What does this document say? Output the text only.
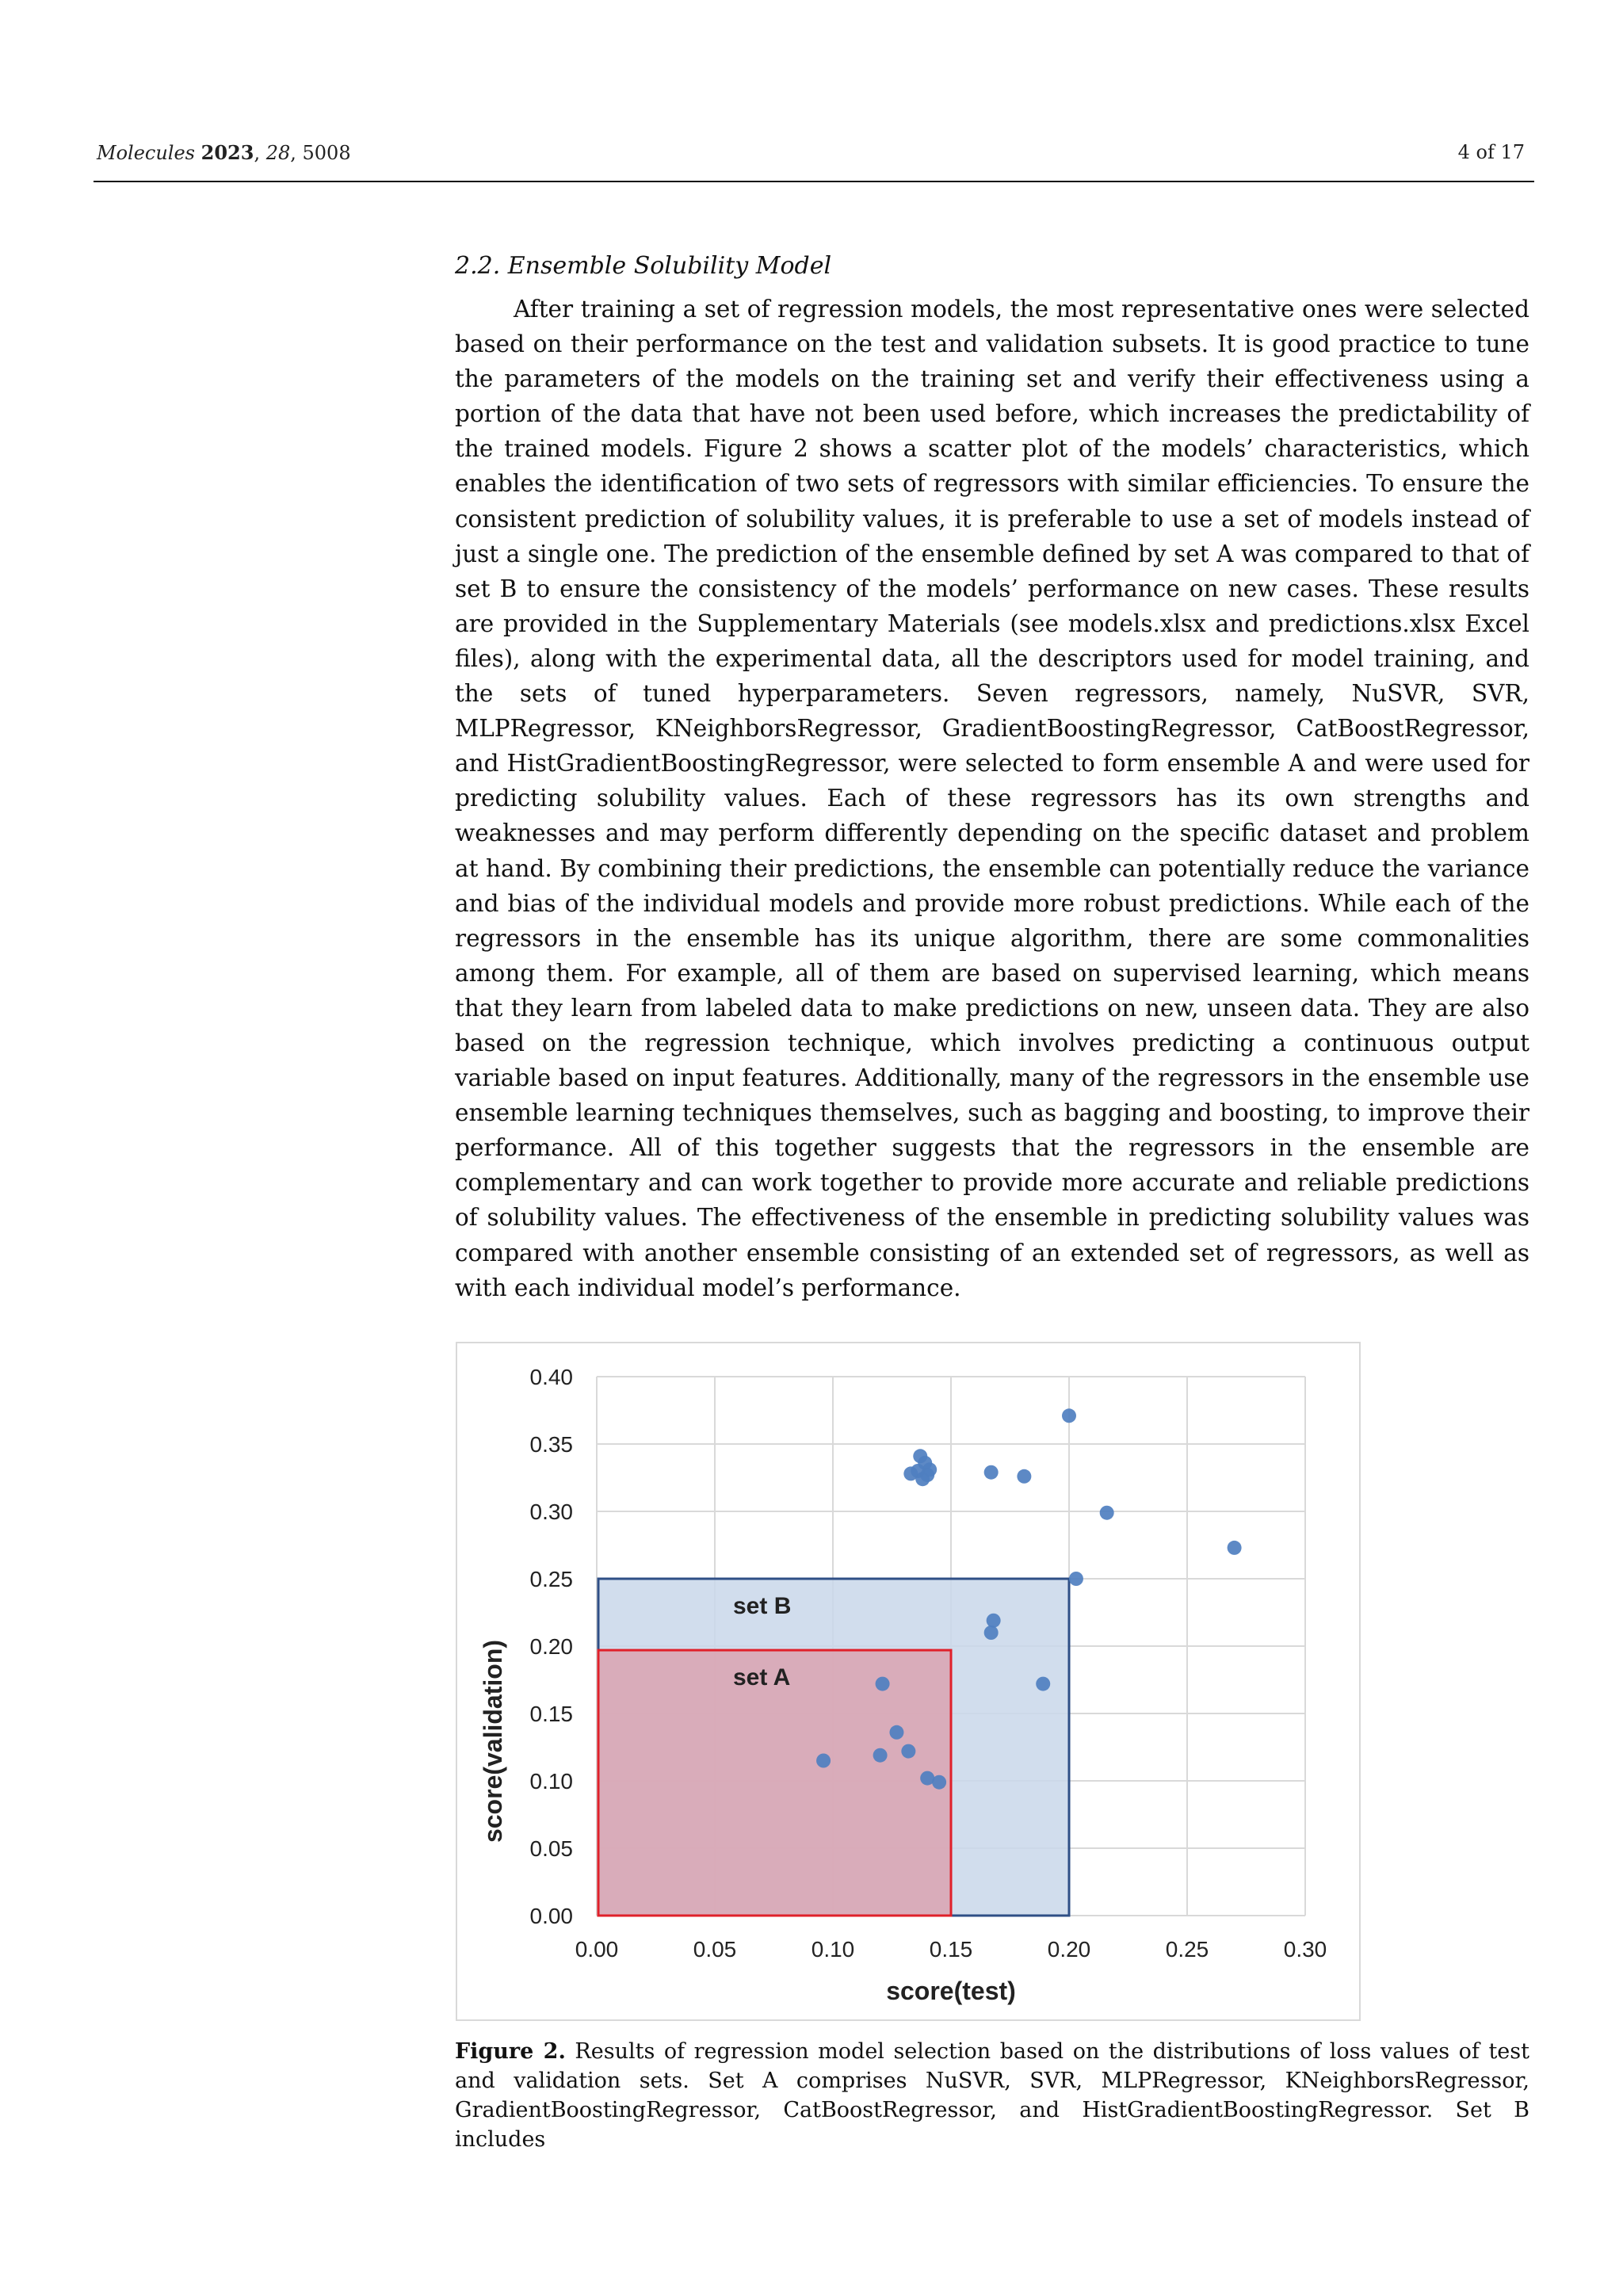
Molecules 2023, 28, 5008	4 of 17
2.2. Ensemble Solubility Model

After training a set of regression models, the most representative ones were selected based on their performance on the test and validation subsets. It is good practice to tune the parameters of the models on the training set and verify their effectiveness using a portion of the data that have not been used before, which increases the predictability of the trained models. Figure 2 shows a scatter plot of the models’ characteristics, which enables the identification of two sets of regressors with similar efficiencies. To ensure the consistent prediction of solubility values, it is preferable to use a set of models instead of just a single one. The prediction of the ensemble defined by set A was compared to that of set B to ensure the consistency of the models’ performance on new cases. These results are provided in the Supplementary Materials (see models.xlsx and predictions.xlsx Excel files), along with the experimental data, all the descriptors used for model training, and the sets of tuned hyperparameters. Seven regressors, namely, NuSVR, SVR, MLPRegressor, KNeighborsRegressor, GradientBoostingRegressor, CatBoostRegressor, and HistGradientBoostingRegressor, were selected to form ensemble A and were used for predicting solubility values. Each of these regressors has its own strengths and weaknesses and may perform differently depending on the specific dataset and problem at hand. By combining their predictions, the ensemble can potentially reduce the variance and bias of the individual models and provide more robust predictions. While each of the regressors in the ensemble has its unique algorithm, there are some commonalities among them. For example, all of them are based on supervised learning, which means that they learn from labeled data to make predictions on new, unseen data. They are also based on the regression technique, which involves predicting a continuous output variable based on input features. Additionally, many of the regressors in the ensemble use ensemble learning techniques themselves, such as bagging and boosting, to improve their performance. All of this together suggests that the regressors in the ensemble are complementary and can work together to provide more accurate and reliable predictions of solubility values. The effectiveness of the ensemble in predicting solubility values was compared with another ensemble consisting of an extended set of regressors, as well as with each individual model’s performance.

set B
set A
0.00	0.05	0.10	0.15	0.20	0.25	0.30
0.00
0.05
0.10
0.15
0.20
0.25
0.30
0.35
0.40
score(test)
score(validation)

Figure 2. Results of regression model selection based on the distributions of loss values of test and validation sets. Set A comprises NuSVR, SVR, MLPRegressor, KNeighborsRegressor, GradientBoostingRegressor, CatBoostRegressor, and HistGradientBoostingRegressor. Set B includes
